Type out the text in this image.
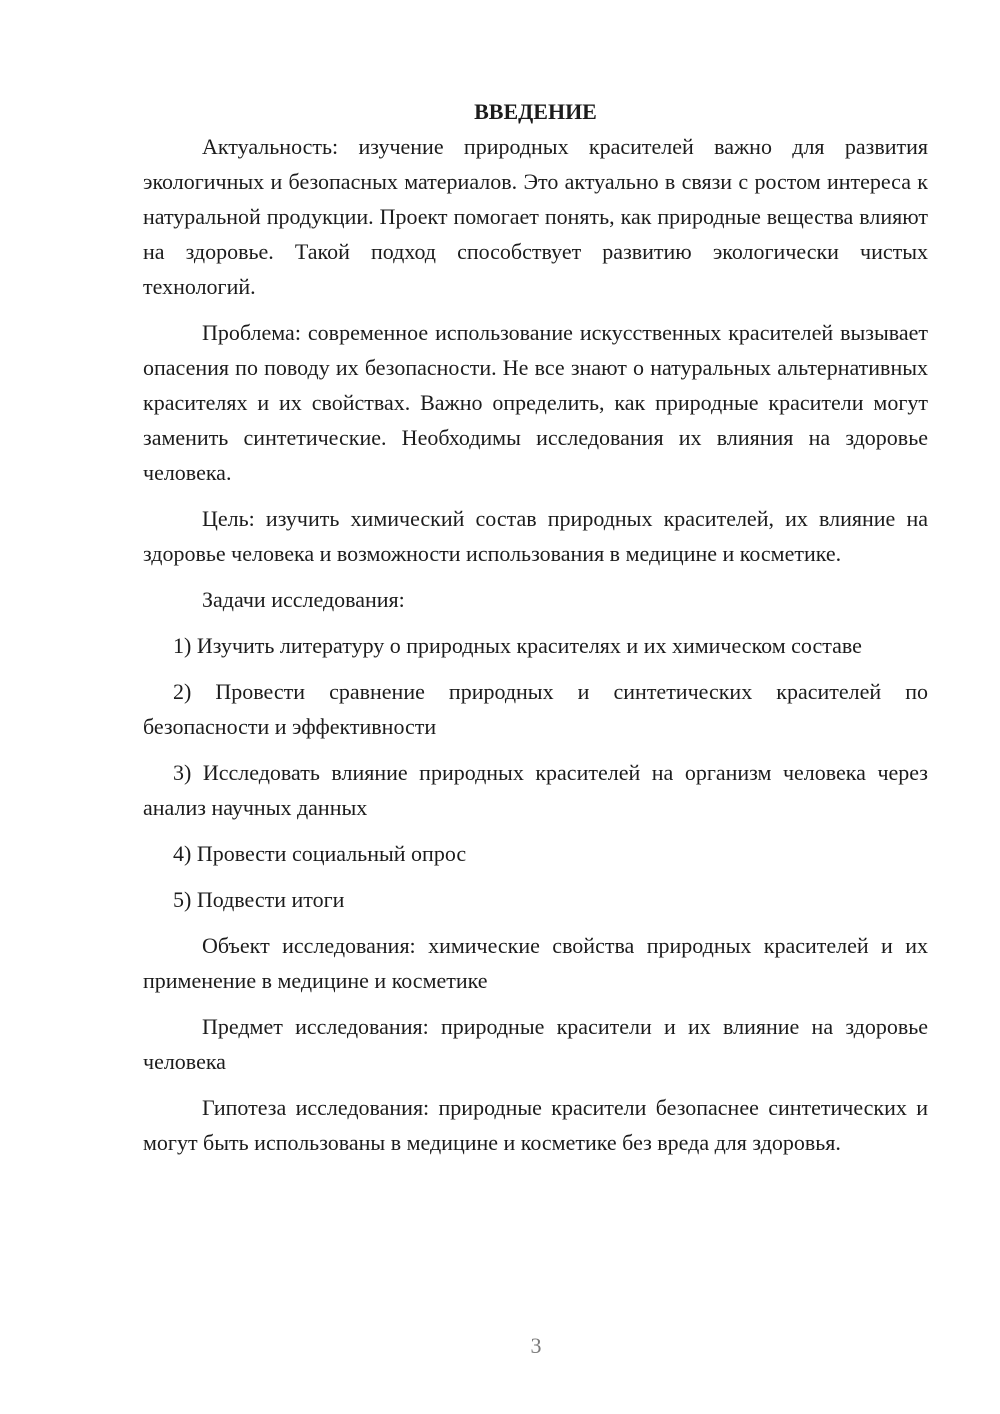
ВВЕДЕНИЕ

Актуальность: изучение природных красителей важно для развития экологичных и безопасных материалов. Это актуально в связи с ростом интереса к натуральной продукции. Проект помогает понять, как природные вещества влияют на здоровье. Такой подход способствует развитию экологически чистых технологий.

Проблема: современное использование искусственных красителей вызывает опасения по поводу их безопасности. Не все знают о натуральных альтернативных красителях и их свойствах. Важно определить, как природные красители могут заменить синтетические. Необходимы исследования их влияния на здоровье человека.

Цель: изучить химический состав природных красителей, их влияние на здоровье человека и возможности использования в медицине и косметике.

Задачи исследования:

1) Изучить литературу о природных красителях и их химическом составе

2) Провести сравнение природных и синтетических красителей по безопасности и эффективности

3) Исследовать влияние природных красителей на организм человека через анализ научных данных

4) Провести социальный опрос

5) Подвести итоги

Объект исследования: химические свойства природных красителей и их применение в медицине и косметике

Предмет исследования: природные красители и их влияние на здоровье человека

Гипотеза исследования: природные красители безопаснее синтетических и могут быть использованы в медицине и косметике без вреда для здоровья.

3
